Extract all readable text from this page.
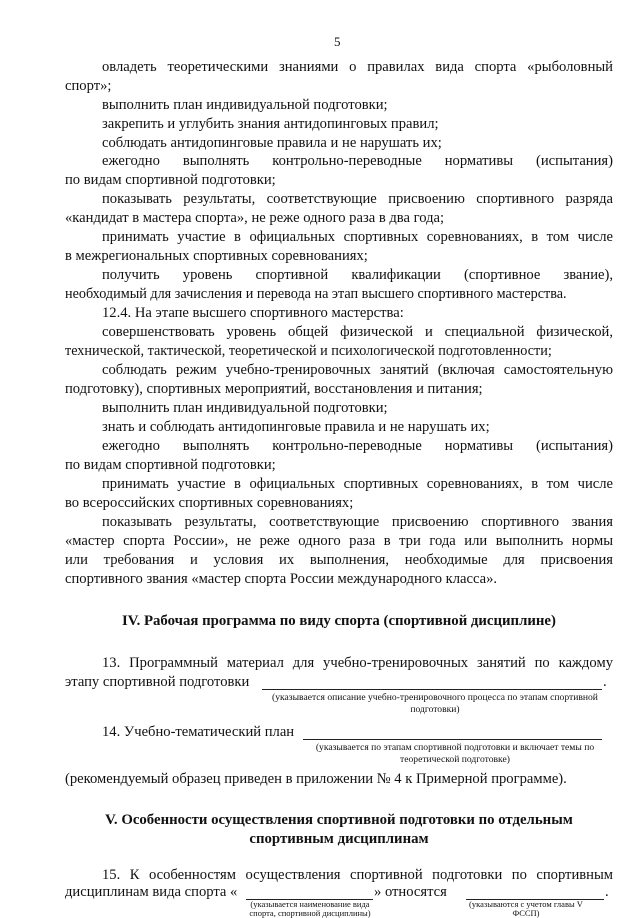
5
овладеть теоретическими знаниями о правилах вида спорта «рыболовный
спорт»;
выполнить план индивидуальной подготовки;
закрепить и углубить знания антидопинговых правил;
соблюдать антидопинговые правила и не нарушать их;
ежегодно выполнять контрольно-переводные нормативы (испытания)
по видам спортивной подготовки;
показывать результаты, соответствующие присвоению спортивного разряда
«кандидат в мастера спорта», не реже одного раза в два года;
принимать участие в официальных спортивных соревнованиях, в том числе
в межрегиональных спортивных соревнованиях;
получить уровень спортивной квалификации (спортивное звание),
необходимый для зачисления и перевода на этап высшего спортивного мастерства.
12.4. На этапе высшего спортивного мастерства:
совершенствовать уровень общей физической и специальной физической,
технической, тактической, теоретической и психологической подготовленности;
соблюдать режим учебно-тренировочных занятий (включая самостоятельную
подготовку), спортивных мероприятий, восстановления и питания;
выполнить план индивидуальной подготовки;
знать и соблюдать антидопинговые правила и не нарушать их;
ежегодно выполнять контрольно-переводные нормативы (испытания)
по видам спортивной подготовки;
принимать участие в официальных спортивных соревнованиях, в том числе
во всероссийских спортивных соревнованиях;
показывать результаты, соответствующие присвоению спортивного звания
«мастер спорта России», не реже одного раза в три года или выполнить нормы
или требования и условия их выполнения, необходимые для присвоения
спортивного звания «мастер спорта России международного класса».
IV. Рабочая программа по виду спорта (спортивной дисциплине)
13. Программный материал для учебно-тренировочных занятий по каждому
этапу спортивной подготовки	.
(указывается описание учебно-тренировочного процесса по этапам спортивной подготовки)
14. Учебно-тематический план
(указывается по этапам спортивной подготовки и включает темы по теоретической подготовке)
(рекомендуемый образец приведен в приложении № 4 к Примерной программе).
V. Особенности осуществления спортивной подготовки по отдельным
спортивным дисциплинам
15. К особенностям осуществления спортивной подготовки по спортивным
дисциплинам вида спорта «	» относятся	.
(указывается наименование вида спорта, спортивной дисциплины)
(указываются с учетом главы V ФССП)
